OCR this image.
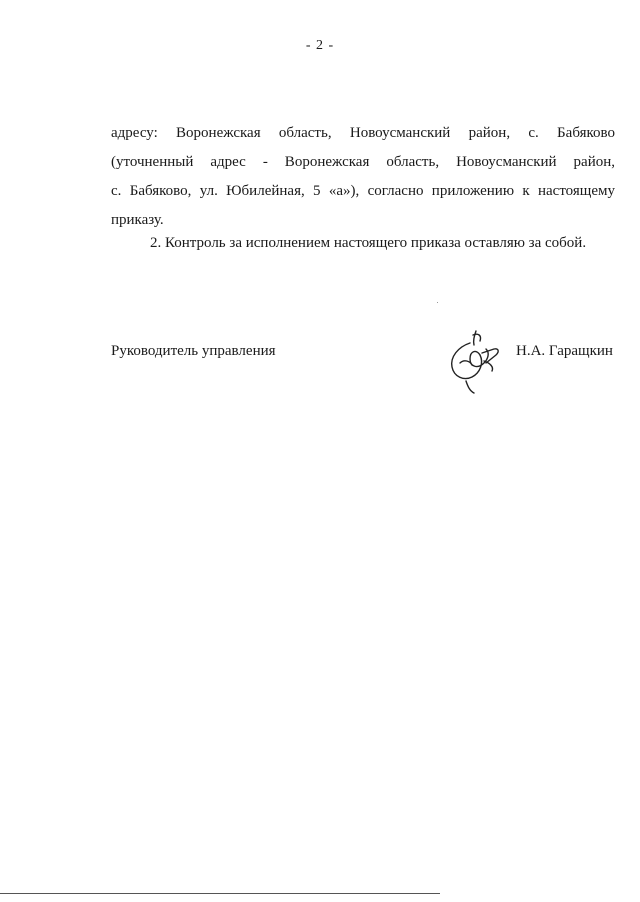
- 2 -
адресу: Воронежская область, Новоусманский район, с. Бабяково
(уточненный адрес - Воронежская область, Новоусманский район,
с. Бабяково, ул. Юбилейная, 5 «а»), согласно приложению к настоящему
приказу.
2. Контроль за исполнением настоящего приказа оставляю за собой.
Руководитель управления	Н.А. Гаращкин
